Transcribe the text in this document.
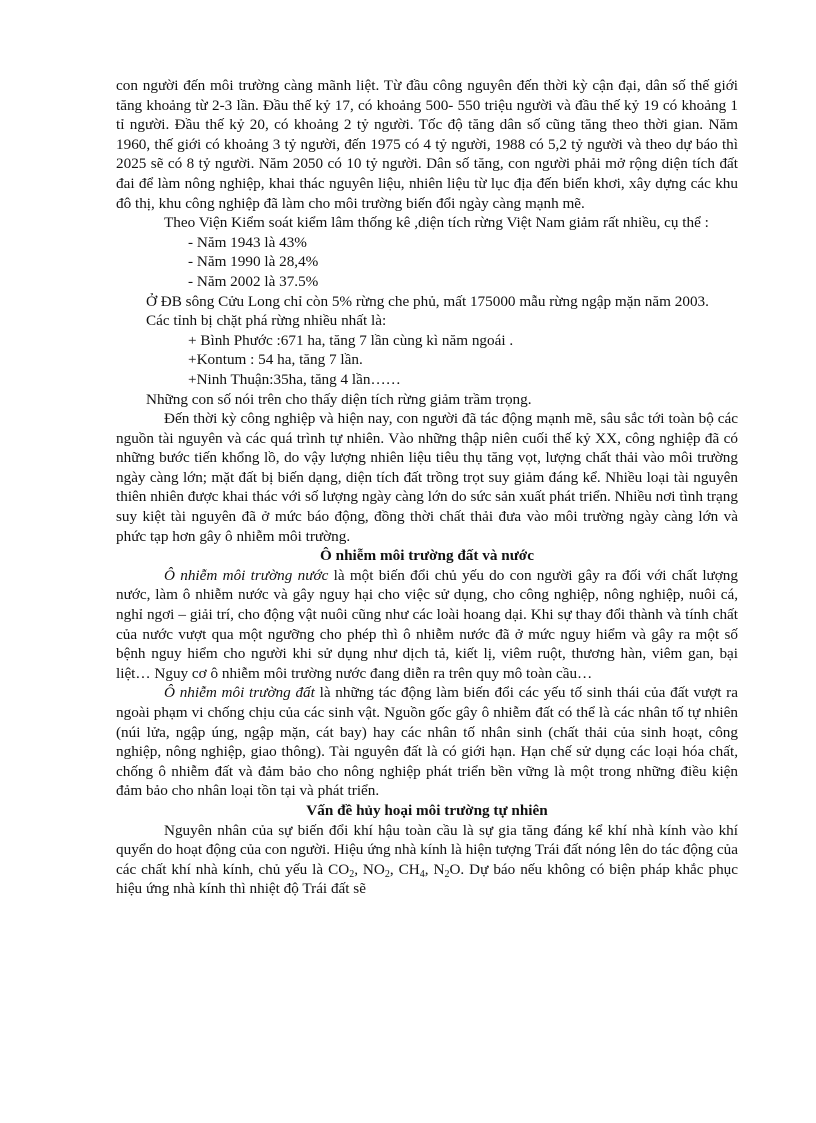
con người đến môi trường càng mãnh liệt. Từ đầu công nguyên đến thời kỳ cận đại, dân số thế giới tăng khoảng từ 2-3 lần. Đầu thế kỷ 17, có khoảng 500- 550 triệu người và đầu thế kỷ 19 có khoảng 1 tỉ người. Đầu thế kỷ 20, có khoảng 2 tỷ người. Tốc độ tăng dân số cũng tăng theo thời gian. Năm 1960, thế giới có khoảng 3 tỷ người, đến 1975 có 4 tỷ người, 1988 có 5,2 tỷ người và theo dự báo thì 2025 sẽ có 8 tỷ người. Năm 2050 có 10 tỷ người. Dân số tăng, con người phải mở rộng diện tích đất đai để làm nông nghiệp, khai thác nguyên liệu, nhiên liệu từ lục địa đến biển khơi, xây dựng các khu đô thị, khu công nghiệp đã làm cho môi trường biến đổi ngày càng mạnh mẽ.

Theo Viện Kiểm soát kiểm lâm thống kê ,diện tích rừng Việt Nam giảm rất nhiều, cụ thể :

- Năm 1943 là 43%

- Năm 1990 là 28,4%

- Năm 2002 là 37.5%

Ở ĐB sông Cửu Long chỉ còn 5% rừng che phủ, mất 175000 mẫu rừng ngập mặn năm 2003.

Các tỉnh bị chặt phá rừng nhiều nhất là:

+ Bình Phước :671 ha, tăng 7 lần cùng kì năm ngoái .

+Kontum : 54 ha, tăng 7 lần.

+Ninh Thuận:35ha, tăng 4 lần……

Những con số nói trên cho thấy diện tích rừng giảm trầm trọng.

Đến thời kỳ công nghiệp và hiện nay, con người đã tác động mạnh mẽ, sâu sắc tới toàn bộ các nguồn tài nguyên và các quá trình tự nhiên. Vào những thập niên cuối thế kỷ XX, công nghiệp đã có những bước tiến khổng lồ, do vậy lượng nhiên liệu tiêu thụ tăng vọt, lượng chất thải vào môi trường ngày càng lớn; mặt đất bị biến dạng, diện tích đất trồng trọt suy giảm đáng kể. Nhiều loại tài nguyên thiên nhiên được khai thác với số lượng ngày càng lớn do sức sản xuất phát triển. Nhiều nơi tình trạng suy kiệt tài nguyên đã ở mức báo động, đồng thời chất thải đưa vào môi trường ngày càng lớn và phức tạp hơn gây ô nhiễm môi trường.

Ô nhiễm môi trường đất và nước

Ô nhiễm môi trường nước là một biến đổi chủ yếu do con người gây ra đối với chất lượng nước, làm ô nhiễm nước và gây nguy hại cho việc sử dụng, cho công nghiệp, nông nghiệp, nuôi cá, nghỉ ngơi – giải trí, cho động vật nuôi cũng như các loài hoang dại. Khi sự thay đổi thành và tính chất của nước vượt qua một ngưỡng cho phép thì ô nhiễm nước đã ở mức nguy hiểm và gây ra một số bệnh nguy hiểm cho người khi sử dụng như dịch tả, kiết lị, viêm ruột, thương hàn, viêm gan, bại liệt… Nguy cơ ô nhiễm môi trường nước đang diễn ra trên quy mô toàn cầu…

Ô nhiễm môi trường đất là những tác động làm biến đổi các yếu tố sinh thái của đất vượt ra ngoài phạm vi chống chịu của các sinh vật. Nguồn gốc gây ô nhiễm đất có thể là các nhân tố tự nhiên (núi lửa, ngập úng, ngập mặn, cát bay) hay các nhân tố nhân sinh (chất thải của sinh hoạt, công nghiệp, nông nghiệp, giao thông). Tài nguyên đất là có giới hạn. Hạn chế sử dụng các loại hóa chất, chống ô nhiễm đất và đảm bảo cho nông nghiệp phát triển bền vững là một trong những điều kiện đảm bảo cho nhân loại tồn tại và phát triển.

Vấn đề hủy hoại môi trường tự nhiên

Nguyên nhân của sự biến đổi khí hậu toàn cầu là sự gia tăng đáng kể khí nhà kính vào khí quyển do hoạt động của con người. Hiệu ứng nhà kính là hiện tượng Trái đất nóng lên do tác động của các chất khí nhà kính, chủ yếu là $CO_2$, $NO_2$, $CH_4$, $N_2O$. Dự báo nếu không có biện pháp khắc phục hiệu ứng nhà kính thì nhiệt độ Trái đất sẽ
